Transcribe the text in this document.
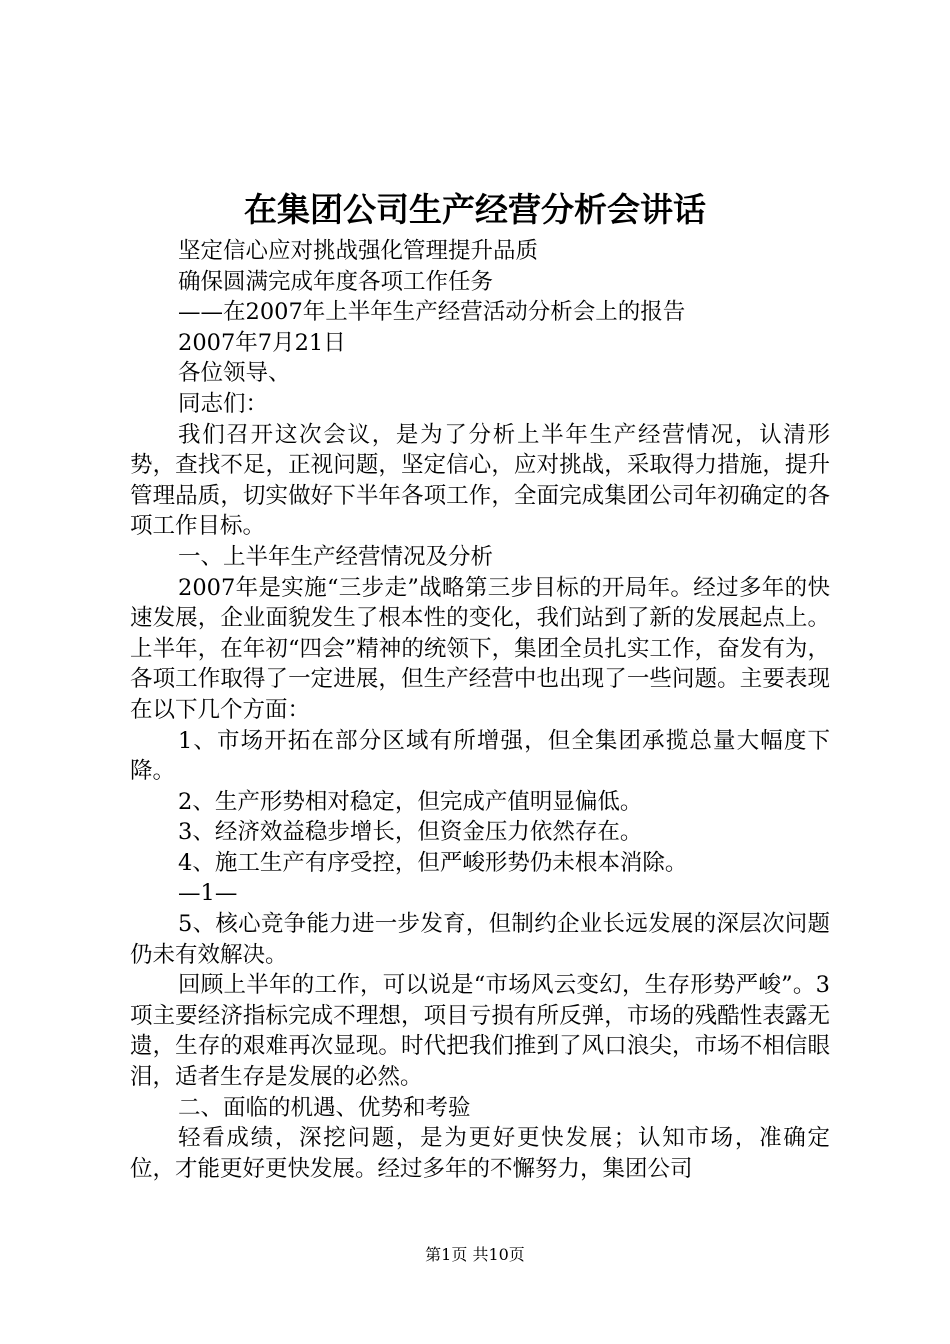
在集团公司生产经营分析会讲话

坚定信心应对挑战强化管理提升品质

确保圆满完成年度各项工作任务

——在2007年上半年生产经营活动分析会上的报告

2007年7月21日

各位领导、

同志们：

我们召开这次会议，是为了分析上半年生产经营情况，认清形势，查找不足，正视问题，坚定信心，应对挑战，采取得力措施，提升管理品质，切实做好下半年各项工作，全面完成集团公司年初确定的各项工作目标。

一、上半年生产经营情况及分析

2007年是实施“三步走”战略第三步目标的开局年。经过多年的快速发展，企业面貌发生了根本性的变化，我们站到了新的发展起点上。上半年，在年初“四会”精神的统领下，集团全员扎实工作，奋发有为，各项工作取得了一定进展，但生产经营中也出现了一些问题。主要表现在以下几个方面：

1、市场开拓在部分区域有所增强，但全集团承揽总量大幅度下降。

2、生产形势相对稳定，但完成产值明显偏低。

3、经济效益稳步增长，但资金压力依然存在。

4、施工生产有序受控，但严峻形势仍未根本消除。

—1—

5、核心竞争能力进一步发育，但制约企业长远发展的深层次问题仍未有效解决。

回顾上半年的工作，可以说是“市场风云变幻，生存形势严峻”。3项主要经济指标完成不理想，项目亏损有所反弹，市场的残酷性表露无遗，生存的艰难再次显现。时代把我们推到了风口浪尖，市场不相信眼泪，适者生存是发展的必然。

二、面临的机遇、优势和考验

轻看成绩，深挖问题，是为更好更快发展；认知市场，准确定位，才能更好更快发展。经过多年的不懈努力，集团公司

第1页 共10页
